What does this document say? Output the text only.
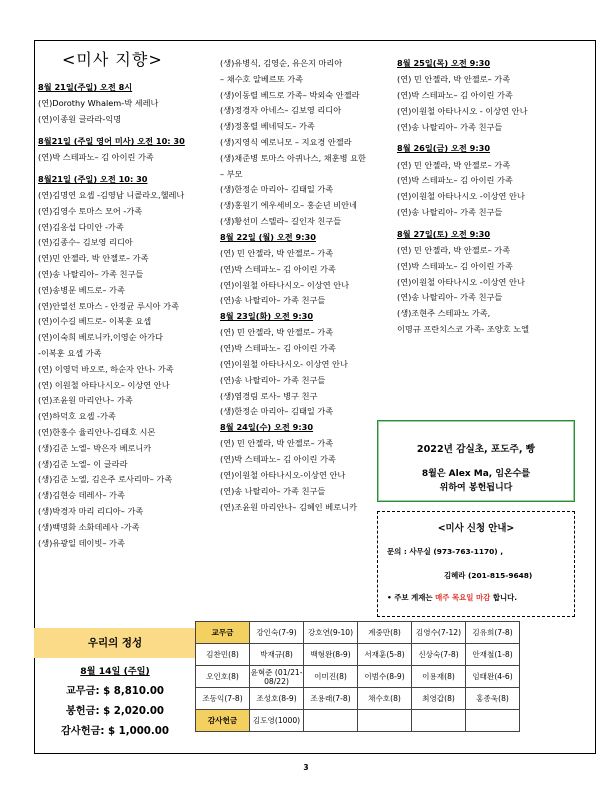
<미사 지향>
8월 21일(주일) 오전 8시
(연)Dorothy Whalem-박 세레나
(연)이종원 글라라-익명
8월21일 (주일 영어 미사) 오전 10: 30
(연)박 스테파노– 김 아이린 가족
8월21일 (주일) 오전 10: 30
(연)김명연 요셉 -김영남 니콜라오,헬레나
(연)김영수 토마스 모어 -가족
(연)김옹섭 다미안 -가족
(연)김종수– 김보영 리디아
(연)민 안젤라, 박 안젤로– 가족
(연)송 나탈리아– 가족 친구들
(연)송병문 베드로– 가족
(연)안열선 토마스 - 안정균 루시아 가족
(연)이수길 베드로– 이복훈 요셉
(연)이숙희 베로니카,이영순 아가다
-이복훈 요셉 가족
(연) 이영덕 바오로, 하순자 안나- 가족
(연) 이원철 아타나시오– 이상연 안나
(연)조윤원 마리안나– 가족
(연)하덕호 요셉 -가족
(연)한홍수 율리안나-김태호 시몬
(생)김준 노엘– 박은자 베로니카
(생)김준 노엘– 이 글라라
(생)김준 노엘, 김은주 로사리마– 가족
(생)김현승 데레사– 가족
(생)박경자 마리 리디아– 가족
(생)백명화 소화데레사 -가족
(생)유광일 데이빗– 가족
(생)유병식, 김영순, 유은지 마리아
– 채수호 알베르또 가족
(생)이동렬 베드로 가족– 박외숙 안젤라
(생)정경자 아네스– 김보영 리디아
(생)정홍렬 베네딕도– 가족
(생)지영식 예로니모 – 지요경 안젤라
(생)채준병 토마스 아퀴나스, 채훈병 요한
– 부모
(생)한정순 마리아– 김태일 가족
(생)홍원기 에우세비오– 홍순년 비안네
(생)황선미 스텔라– 길인자 친구들
8월 22일 (월) 오전 9:30
(연) 민 안젤라, 박 안젤로– 가족
(연)박 스테파노– 김 아이린 가족
(연)이원철 아타나시오– 이상연 안나
(연)송 나탈리아– 가족 친구들
8월 23일(화) 오전 9:30
(연) 민 안젤라, 박 안젤로– 가족
(연)박 스테파노– 김 아이린 가족
(연)이원철 아타나시오- 이상연 안나
(연)송 나탈리아– 가족 친구들
(생)염경림 로사– 병구 친구
(생)한정순 마리아– 김태일 가족
8월 24일(수) 오전 9:30
(연) 민 안젤라, 박 안젤로– 가족
(연)박 스테파노– 김 아이린 가족
(연)이원철 아타나시오-이상연 안나
(연)송 나탈리아– 가족 친구들
(연)조윤원 마리안나– 김혜인 베로니카
8월 25일(목) 오전 9:30
(연) 민 안젤라, 박 안젤로– 가족
(연)박 스테파노– 김 아이린 가족
(연)이원철 아타나시오 - 이상연 안나
(연)송 나탈리아– 가족 친구들
8월 26일(금) 오전 9:30
(연) 민 안젤라, 박 안젤로– 가족
(연)박 스테파노– 김 아이린 가족
(연)이원철 아타나시오 -이상연 안나
(연)송 나탈리아– 가족 친구들
8월 27일(토) 오전 9:30
(연) 민 안젤라, 박 안젤로– 가족
(연)박 스테파노– 김 아이린 가족
(연)이원철 아타나시오 -이상연 안나
(연)송 나탈리아– 가족 친구들
(생)조현주 스테파노 가족,
이명규 프란치스코 가족- 조양호 노엘
2022년 감실초, 포도주, 빵
8월은 Alex Ma, 임온수를
위하여 봉헌됩니다
<미사 신청 안내>
문의 : 사무실 (973-763-1170) ,
김혜라 (201-815-9648)
• 주보 게재는 매주 목요일 마감 합니다.
우리의 정성
8월 14일 (주일)
교무금: $ 8,810.00
봉헌금: $ 2,020.00
감사헌금: $ 1,000.00
교무금	강인숙(7-9)	강호연(9-10)	계중만(8)	김영수(7-12)	김유희(7-8)
김찬민(8)	박재규(8)	백형완(8-9)	서재훈(5-8)	신상숙(7-8)	안재철(1-8)
오인호(8)	윤혁준 (01/21-08/22)	이미진(8)	이범수(8-9)	이용재(8)	임태완(4-6)
조동익(7-8)	조성호(8-9)	조용래(7-8)	채수호(8)	최영갑(8)	홍종욱(8)
감사헌금	김도영(1000)				
3
